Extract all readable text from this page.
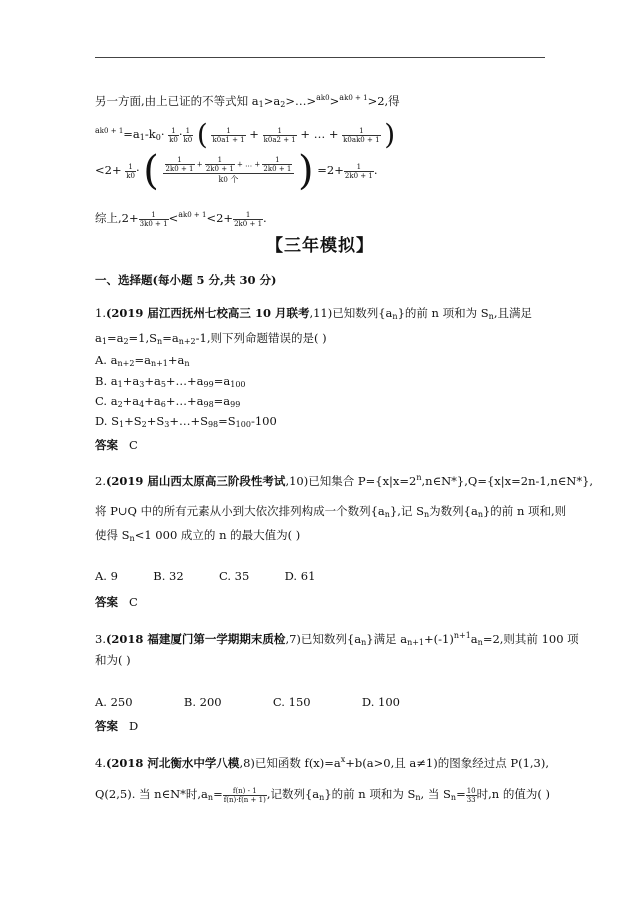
另一方面,由上已证的不等式知 $a_1>a_2>\dots>^{ak0}>^{ak0 + 1}>2$,得
$^{ak0 + 1}=a_1-k_0\cdot \frac{1}{k0} \cdot \frac{1}{k0}$ ( $\frac{1}{k0a1 + 1} + \frac{1}{k0a2 + 1}$ + … + $\frac{1}{k0ak0 + 1}$ )
$<2+ \frac{1}{k0}$ · ( $\frac{1}{2k0 + 1} + \frac{1}{2k0 + 1}$ + … + $\frac{1}{2k0 + 1}$
k0 个	) $=2+ \frac{1}{2k0 + 1}$ .
综上$,2+ \frac{1}{3k0 + 1} <^{ak0 + 1}<2+ \frac{1}{2k0 + 1}$ .
【三年模拟】
一、选择题(每小题 5 分,共 30 分)
1.(2019 届江西抚州七校高三 10 月联考,11)已知数列$\{a_n\}$的前 n 项和为 $S_n$,且满足
$a_1=a_2=1,S_n=a_{n+2}-1$,则下列命题错误的是( )
A. $a_{n+2}=a_{n+1}+a_n$
B. $a_1+a_3+a_5+\dots+a_{99}=a_{100}$
C. $a_2+a_4+a_6+\dots+a_{98}=a_{99}$
D. $S_1+S_2+S_3+\dots+S_{98}=S_{100}-100$
答案 C
2.(2019 届山西太原高三阶段性考试,10)已知集合 $P=\{x|x=2^n,n\in N*\},Q=\{x|x=2n-1,n\in N*\}$,
将 P∪Q 中的所有元素从小到大依次排列构成一个数列$\{a_n\}$,记 $S_n$为数列$\{a_n\}$的前 n 项和,则
使得 $S_n<1$ 000 成立的 n 的最大值为( )
A. 9	B. 32	C. 35	D. 61
答案 C
3.(2018 福建厦门第一学期期末质检,7)已知数列$\{a_n\}$满足 $a_{n+1}+(-1)^{n+1}a_n=2$,则其前 100 项
和为( )
A. 250	B. 200	C. 150	D. 100
答案 D
4.(2018 河北衡水中学八模,8)已知函数 $f(x)=a^x+b(a>0$,且 a≠1)的图象经过点 P(1,3),
Q(2,5). 当 n∈N*时$,a_n= \frac{f(n) - 1}{f(n)\cdot f(n + 1)}$ ,记数列$\{a_n\}$的前 n 项和为 $S_n$, 当 $S_n= \frac{10}{33}$ 时,n 的值为( )
